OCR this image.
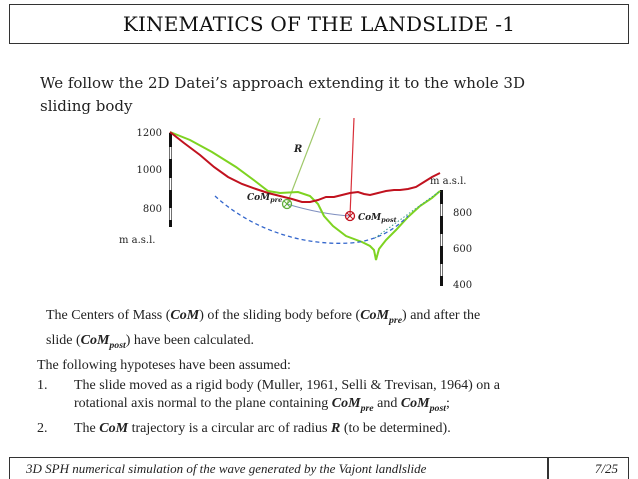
KINEMATICS OF THE LANDSLIDE -1
We follow the 2D Datei’s approach extending it to the whole 3D
sliding body
1200
1000
800
m a.s.l.
800
600
400
m a.s.l.
R
CoM$_{pre}$
CoM$_{post}$
The Centers of Mass (CoM) of the sliding body before (CoM$_{pre}$) and after the
slide (CoM$_{post}$) have been calculated.
The following hypoteses have been assumed:
1.	The slide moved as a rigid body (Muller, 1961, Selli & Trevisan, 1964) on a
rotational axis normal to the plane containing CoM$_{pre}$ and CoM$_{post}$;
2.	The CoM trajectory is a circular arc of radius R (to be determined).
3D SPH numerical simulation of the wave generated by the Vajont landlslide	7/25
